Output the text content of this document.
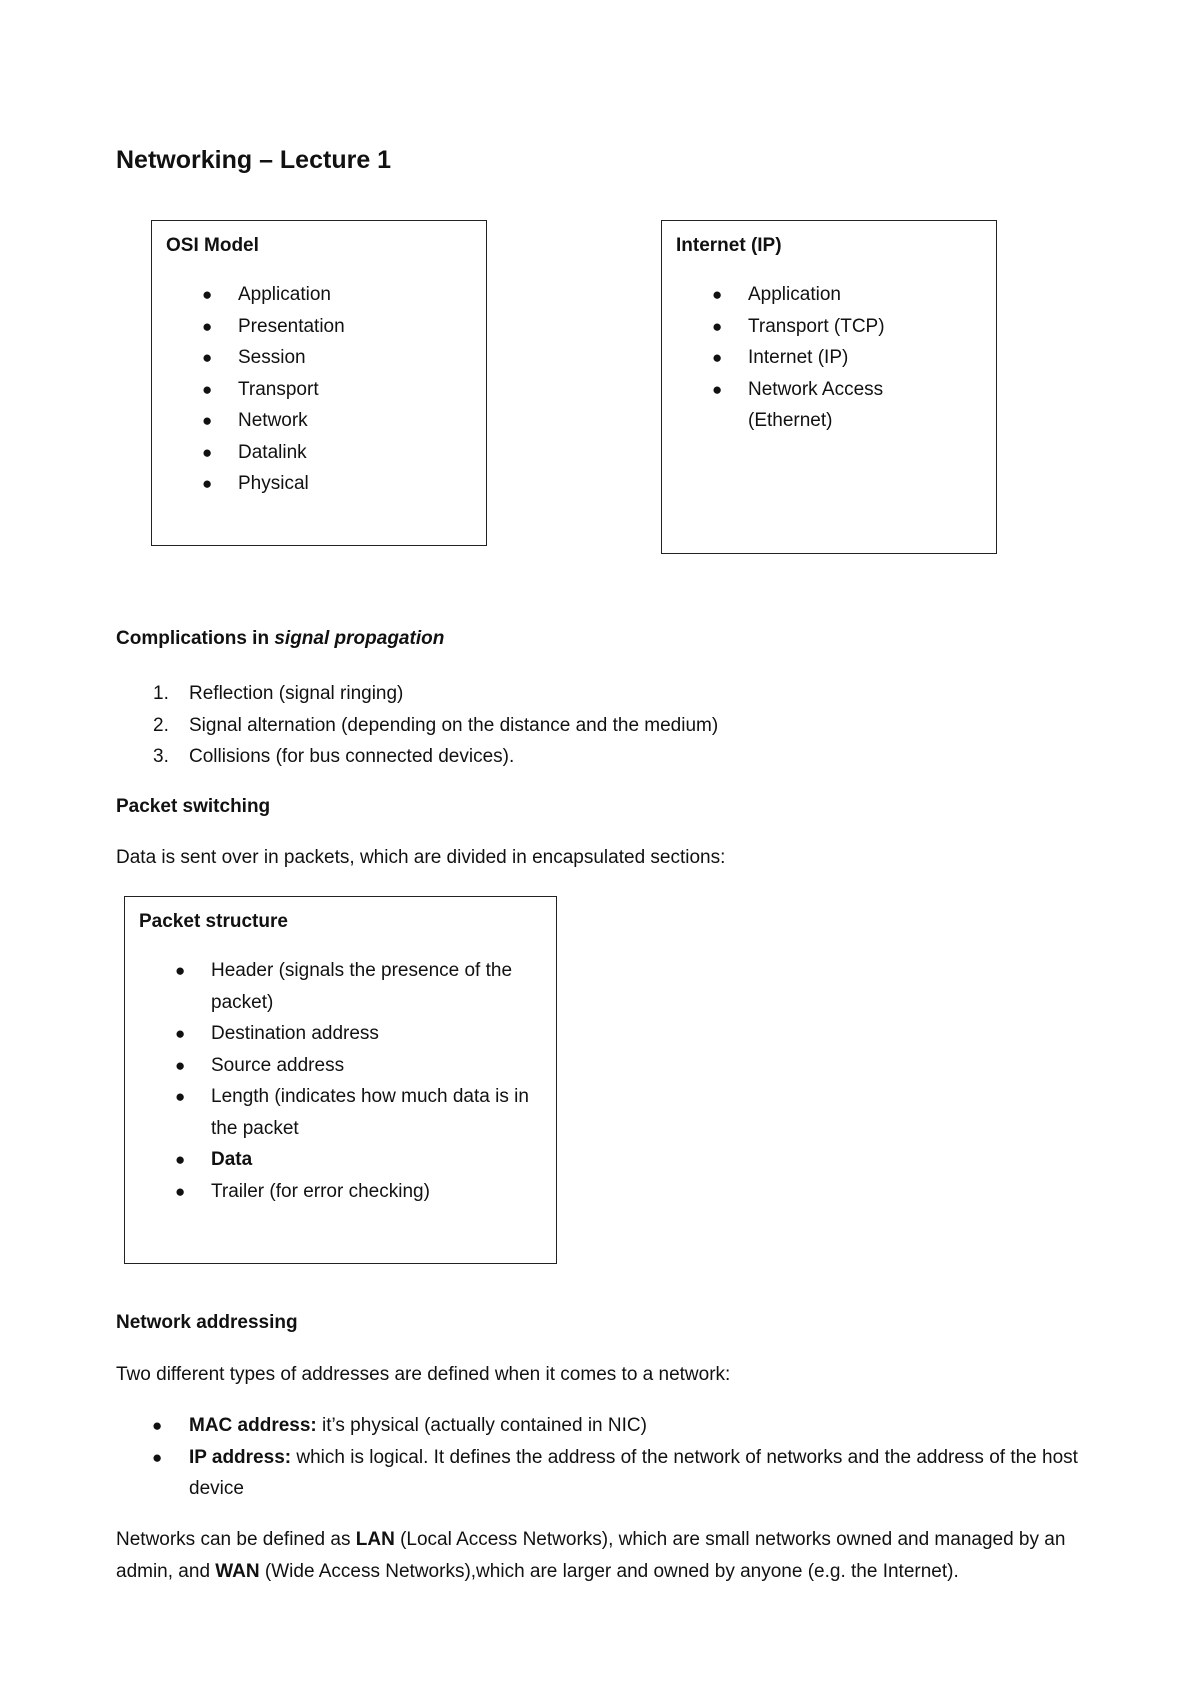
Networking – Lecture 1
OSI Model
● Application
● Presentation
● Session
● Transport
● Network
● Datalink
● Physical
Internet (IP)
● Application
● Transport (TCP)
● Internet (IP)
● Network Access (Ethernet)

Complications in signal propagation

1. Reflection (signal ringing)
2. Signal alternation (depending on the distance and the medium)
3. Collisions (for bus connected devices).

Packet switching

Data is sent over in packets, which are divided in encapsulated sections:

Packet structure
● Header (signals the presence of the packet)
● Destination address
● Source address
● Length (indicates how much data is in the packet
● Data
● Trailer (for error checking)

Network addressing

Two different types of addresses are defined when it comes to a network:

● MAC address: it’s physical (actually contained in NIC)
● IP address: which is logical. It defines the address of the network of networks and the address of the host device

Networks can be defined as LAN (Local Access Networks), which are small networks owned and managed by an admin, and WAN (Wide Access Networks),which are larger and owned by anyone (e.g. the Internet).
